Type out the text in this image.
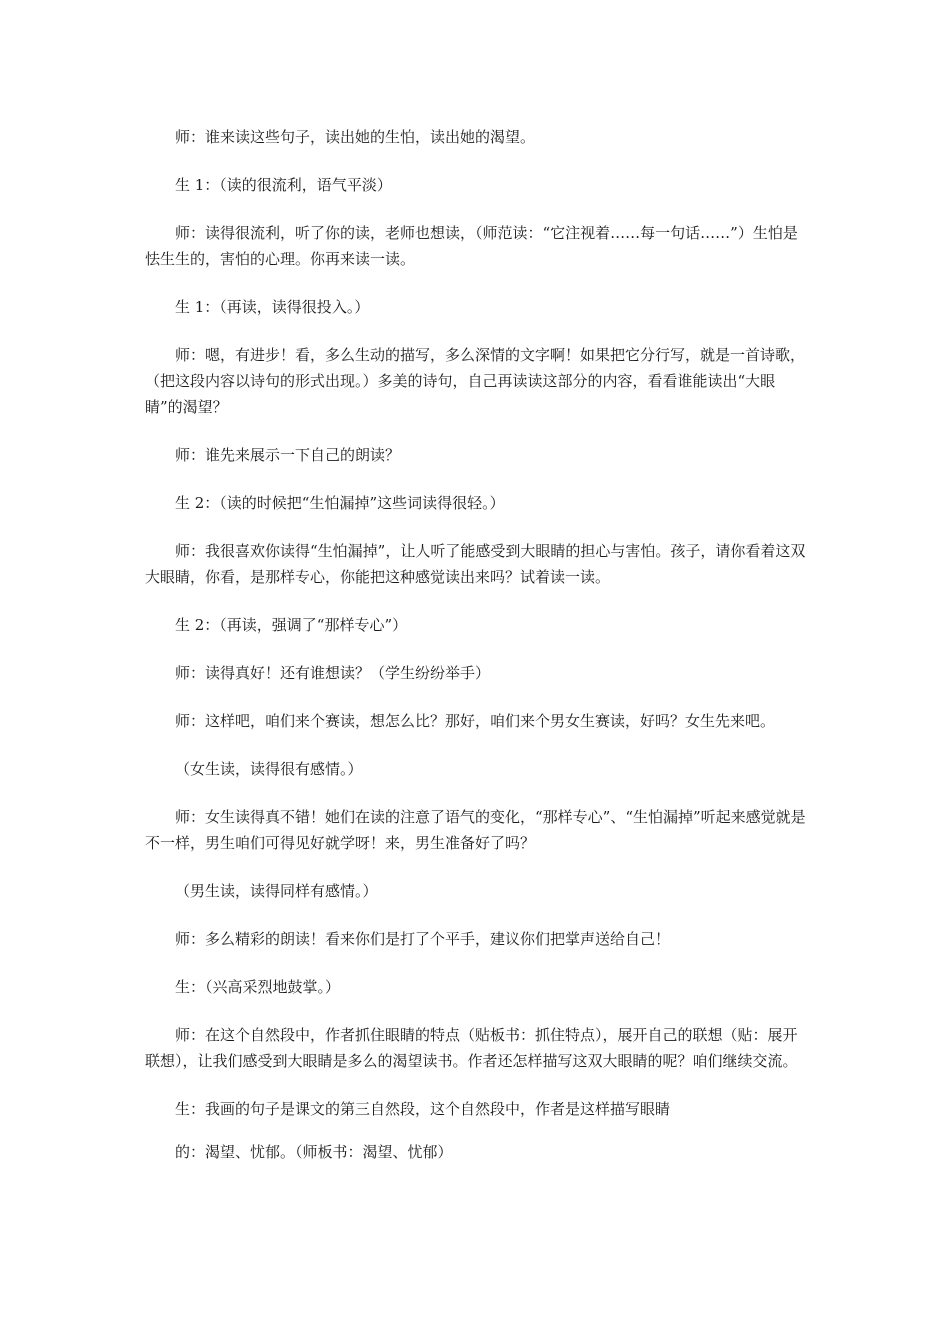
师：谁来读这些句子，读出她的生怕，读出她的渴望。

生 1：（读的很流利，语气平淡）

师：读得很流利，听了你的读，老师也想读，（师范读：“它注视着……每一句话……”）生怕是怯生生的，害怕的心理。你再来读一读。

生 1：（再读，读得很投入。）

师：嗯，有进步！看，多么生动的描写，多么深情的文字啊！如果把它分行写，就是一首诗歌，（把这段内容以诗句的形式出现。）多美的诗句，自己再读读这部分的内容，看看谁能读出“大眼睛”的渴望？

师：谁先来展示一下自己的朗读？

生 2：（读的时候把“生怕漏掉”这些词读得很轻。）

师：我很喜欢你读得“生怕漏掉”，让人听了能感受到大眼睛的担心与害怕。孩子，请你看着这双大眼睛，你看，是那样专心，你能把这种感觉读出来吗？试着读一读。

生 2：（再读，强调了“那样专心”）

师：读得真好！还有谁想读？（学生纷纷举手）

师：这样吧，咱们来个赛读，想怎么比？那好，咱们来个男女生赛读，好吗？女生先来吧。

（女生读，读得很有感情。）

师：女生读得真不错！她们在读的注意了语气的变化，“那样专心”、“生怕漏掉”听起来感觉就是不一样，男生咱们可得见好就学呀！来，男生准备好了吗？

（男生读，读得同样有感情。）

师：多么精彩的朗读！看来你们是打了个平手，建议你们把掌声送给自己！

生：（兴高采烈地鼓掌。）

师：在这个自然段中，作者抓住眼睛的特点（贴板书：抓住特点），展开自己的联想（贴：展开联想），让我们感受到大眼睛是多么的渴望读书。作者还怎样描写这双大眼睛的呢？咱们继续交流。

生：我画的句子是课文的第三自然段，这个自然段中，作者是这样描写眼睛

的：渴望、忧郁。（师板书：渴望、忧郁）
